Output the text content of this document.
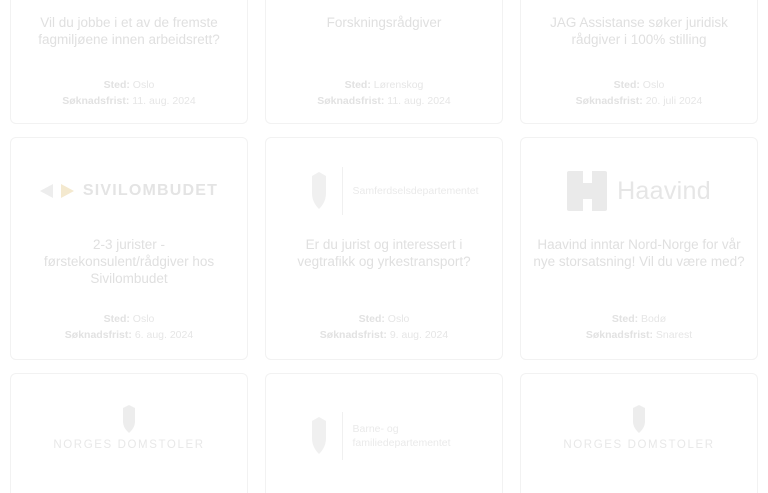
Vil du jobbe i et av de fremste fagmiljøene innen arbeidsrett?
Sted: Oslo
Søknadsfrist: 11. aug. 2024
Forskningsrådgiver
Sted: Lørenskog
Søknadsfrist: 11. aug. 2024
JAG Assistanse søker juridisk rådgiver i 100% stilling
Sted: Oslo
Søknadsfrist: 20. juli 2024
SIVILOMBUDET
2-3 jurister - førstekonsulent/rådgiver hos Sivilombudet
Sted: Oslo
Søknadsfrist: 6. aug. 2024
Samferdselsdepartementet
Er du jurist og interessert i vegtrafikk og yrkestransport?
Sted: Oslo
Søknadsfrist: 9. aug. 2024
Haavind
Haavind inntar Nord-Norge for vår nye storsatsning! Vil du være med?
Sted: Bodø
Søknadsfrist: Snarest
NORGES DOMSTOLER
Barne- og familiedepartementet	NORGES DOMSTOLER
